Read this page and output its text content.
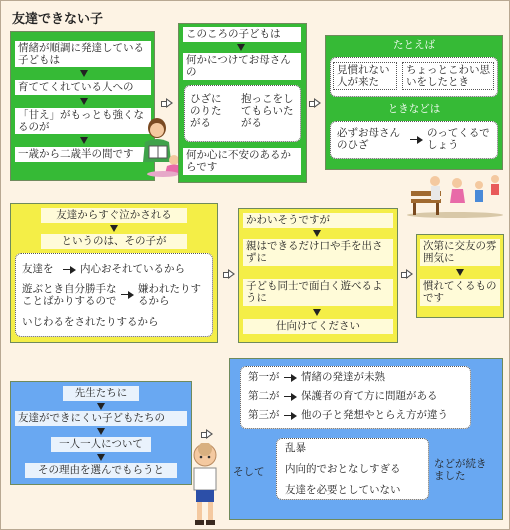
友達できない子
情緒が順調に発達している子どもは
育ててくれている人への
「甘え」がもっとも強くなるのが
一歳から二歳半の間です
このころの子どもは
何かにつけてお母さんの
ひざにのりたがる
抱っこをしてもらいたがる
何か心に不安のあるからです
たとえば
見慣れない人が来た
ちょっとこわい思いをしたとき
ときなどは
必ずお母さんのひざ
のってくるでしょう
友達からすぐ泣かされる
というのは、その子が
友達を	内心おそれているから
遊ぶとき自分勝手なことばかりするので
嫌われたりするから
いじわるをされたりするから
かわいそうですが
親はできるだけ口や手を出さずに
子ども同士で面白く遊べるように
仕向けてください
次第に交友の雰囲気に
慣れてくるものです
先生たちに
友達ができにくい子どもたちの
一人一人について
その理由を選んでもらうと
第一が	情緒の発達が未熟
第二が	保護者の育て方に問題がある
第三が	他の子と発想やとらえ方が違う
そして
乱暴
内向的でおとなしすぎる
友達を必要としていない
などが続きました
